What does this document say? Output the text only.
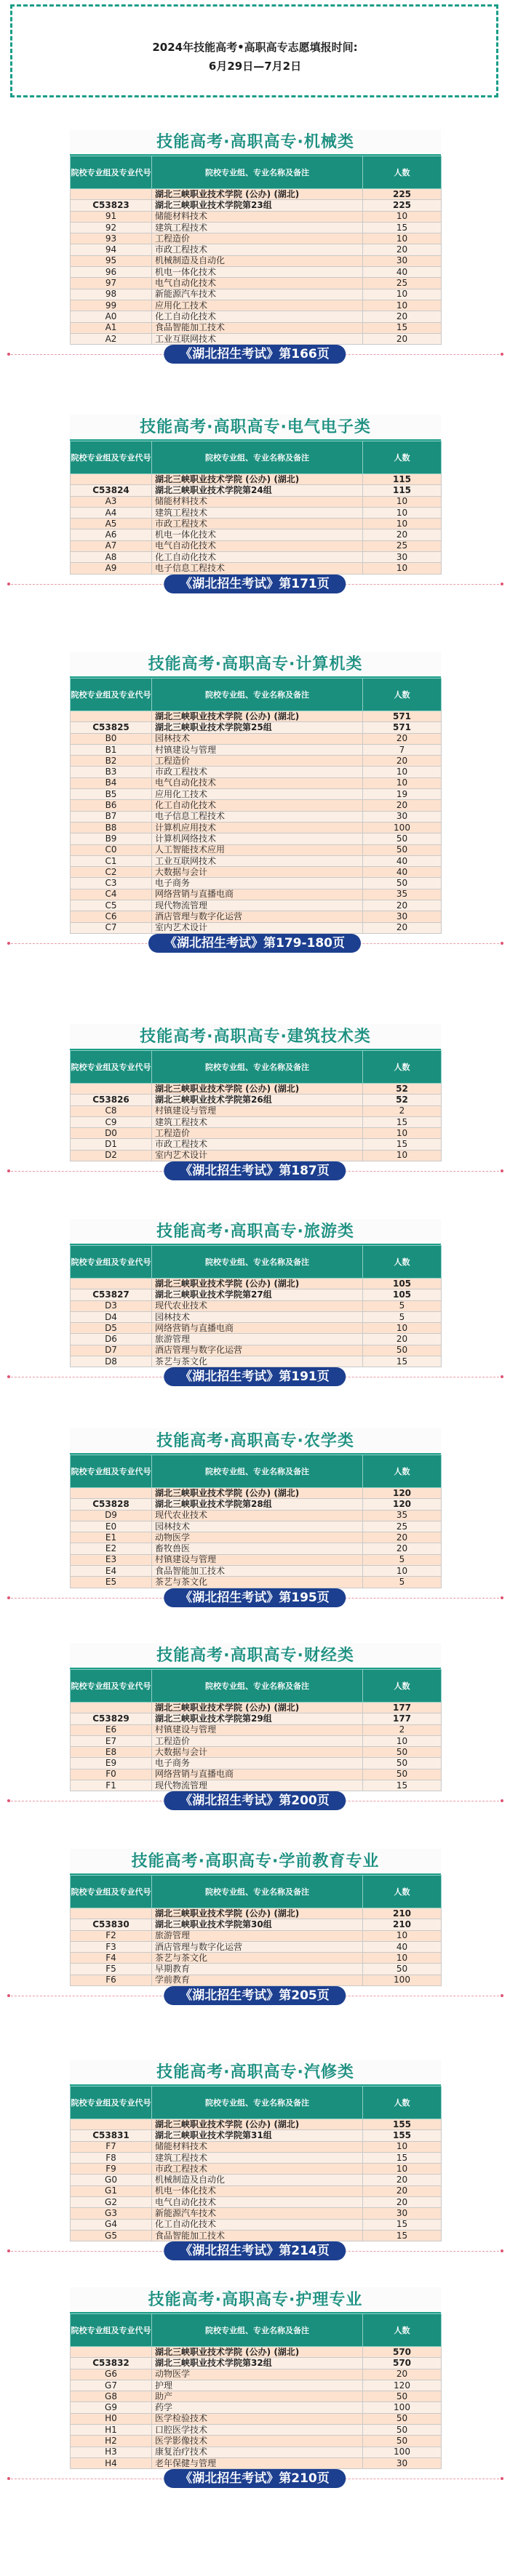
2024年技能高考•高职高专志愿填报时间:
6月29日—7月2日
技能高考·高职高专·机械类
院校专业组及专业代号	院校专业组、专业名称及备注	人数
	湖北三峡职业技术学院 (公办) (湖北)	225
C53823	湖北三峡职业技术学院第23组	225
91	储能材料技术	10
92	建筑工程技术	15
93	工程造价	10
94	市政工程技术	20
95	机械制造及自动化	30
96	机电一体化技术	40
97	电气自动化技术	25
98	新能源汽车技术	10
99	应用化工技术	10
A0	化工自动化技术	20
A1	食品智能加工技术	15
A2	工业互联网技术	20
《湖北招生考试》第166页
技能高考·高职高专·电气电子类
院校专业组及专业代号	院校专业组、专业名称及备注	人数
	湖北三峡职业技术学院 (公办) (湖北)	115
C53824	湖北三峡职业技术学院第24组	115
A3	储能材料技术	10
A4	建筑工程技术	10
A5	市政工程技术	10
A6	机电一体化技术	20
A7	电气自动化技术	25
A8	化工自动化技术	30
A9	电子信息工程技术	10
《湖北招生考试》第171页
技能高考·高职高专·计算机类
院校专业组及专业代号	院校专业组、专业名称及备注	人数
	湖北三峡职业技术学院 (公办) (湖北)	571
C53825	湖北三峡职业技术学院第25组	571
B0	园林技术	20
B1	村镇建设与管理	7
B2	工程造价	20
B3	市政工程技术	10
B4	电气自动化技术	10
B5	应用化工技术	19
B6	化工自动化技术	20
B7	电子信息工程技术	30
B8	计算机应用技术	100
B9	计算机网络技术	50
C0	人工智能技术应用	50
C1	工业互联网技术	40
C2	大数据与会计	40
C3	电子商务	50
C4	网络营销与直播电商	35
C5	现代物流管理	20
C6	酒店管理与数字化运营	30
C7	室内艺术设计	20
《湖北招生考试》第179-180页
技能高考·高职高专·建筑技术类
院校专业组及专业代号	院校专业组、专业名称及备注	人数
	湖北三峡职业技术学院 (公办) (湖北)	52
C53826	湖北三峡职业技术学院第26组	52
C8	村镇建设与管理	2
C9	建筑工程技术	15
D0	工程造价	10
D1	市政工程技术	15
D2	室内艺术设计	10
《湖北招生考试》第187页
技能高考·高职高专·旅游类
院校专业组及专业代号	院校专业组、专业名称及备注	人数
	湖北三峡职业技术学院 (公办) (湖北)	105
C53827	湖北三峡职业技术学院第27组	105
D3	现代农业技术	5
D4	园林技术	5
D5	网络营销与直播电商	10
D6	旅游管理	20
D7	酒店管理与数字化运营	50
D8	茶艺与茶文化	15
《湖北招生考试》第191页
技能高考·高职高专·农学类
院校专业组及专业代号	院校专业组、专业名称及备注	人数
	湖北三峡职业技术学院 (公办) (湖北)	120
C53828	湖北三峡职业技术学院第28组	120
D9	现代农业技术	35
E0	园林技术	25
E1	动物医学	20
E2	畜牧兽医	20
E3	村镇建设与管理	5
E4	食品智能加工技术	10
E5	茶艺与茶文化	5
《湖北招生考试》第195页
技能高考·高职高专·财经类
院校专业组及专业代号	院校专业组、专业名称及备注	人数
	湖北三峡职业技术学院 (公办) (湖北)	177
C53829	湖北三峡职业技术学院第29组	177
E6	村镇建设与管理	2
E7	工程造价	10
E8	大数据与会计	50
E9	电子商务	50
F0	网络营销与直播电商	50
F1	现代物流管理	15
《湖北招生考试》第200页
技能高考·高职高专·学前教育专业
院校专业组及专业代号	院校专业组、专业名称及备注	人数
	湖北三峡职业技术学院 (公办) (湖北)	210
C53830	湖北三峡职业技术学院第30组	210
F2	旅游管理	10
F3	酒店管理与数字化运营	40
F4	茶艺与茶文化	10
F5	早期教育	50
F6	学前教育	100
《湖北招生考试》第205页
技能高考·高职高专·汽修类
院校专业组及专业代号	院校专业组、专业名称及备注	人数
	湖北三峡职业技术学院 (公办) (湖北)	155
C53831	湖北三峡职业技术学院第31组	155
F7	储能材料技术	10
F8	建筑工程技术	15
F9	市政工程技术	10
G0	机械制造及自动化	20
G1	机电一体化技术	20
G2	电气自动化技术	20
G3	新能源汽车技术	30
G4	化工自动化技术	15
G5	食品智能加工技术	15
《湖北招生考试》第214页
技能高考·高职高专·护理专业
院校专业组及专业代号	院校专业组、专业名称及备注	人数
	湖北三峡职业技术学院 (公办) (湖北)	570
C53832	湖北三峡职业技术学院第32组	570
G6	动物医学	20
G7	护理	120
G8	助产	50
G9	药学	100
H0	医学检验技术	50
H1	口腔医学技术	50
H2	医学影像技术	50
H3	康复治疗技术	100
H4	老年保健与管理	30
《湖北招生考试》第210页
